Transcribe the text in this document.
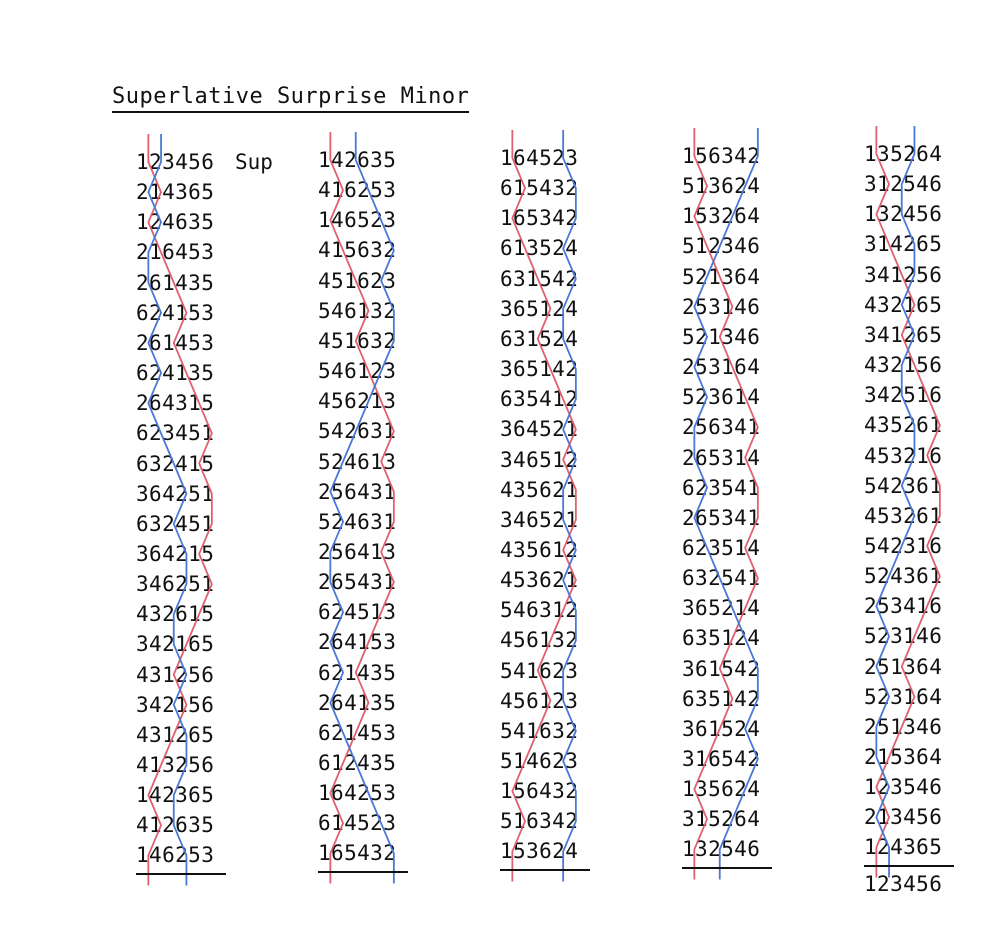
Superlative Surprise Minor
Sup
123456
214365
124635
216453
261435
624153
261453
624135
264315
623451
632415
364251
632451
364215
346251
432615
342165
431256
342156
431265
413256
142365
412635
146253
142635
416253
146523
415632
451623
546132
451632
546123
456213
542631
524613
256431
524631
256413
265431
624513
264153
621435
264135
621453
612435
164253
614523
165432
164523
615432
165342
613524
631542
365124
631524
365142
635412
364521
346512
435621
346521
435612
453621
546312
456132
541623
456123
541632
514623
156432
516342
153624
156342
513624
153264
512346
521364
253146
521346
253164
523614
256341
265314
623541
265341
623514
632541
365214
635124
361542
635142
361524
316542
135624
315264
132546
135264
312546
132456
314265
341256
432165
341265
432156
342516
435261
453216
542361
453261
542316
524361
253416
523146
251364
523164
251346
215364
123546
213456
124365
123456
